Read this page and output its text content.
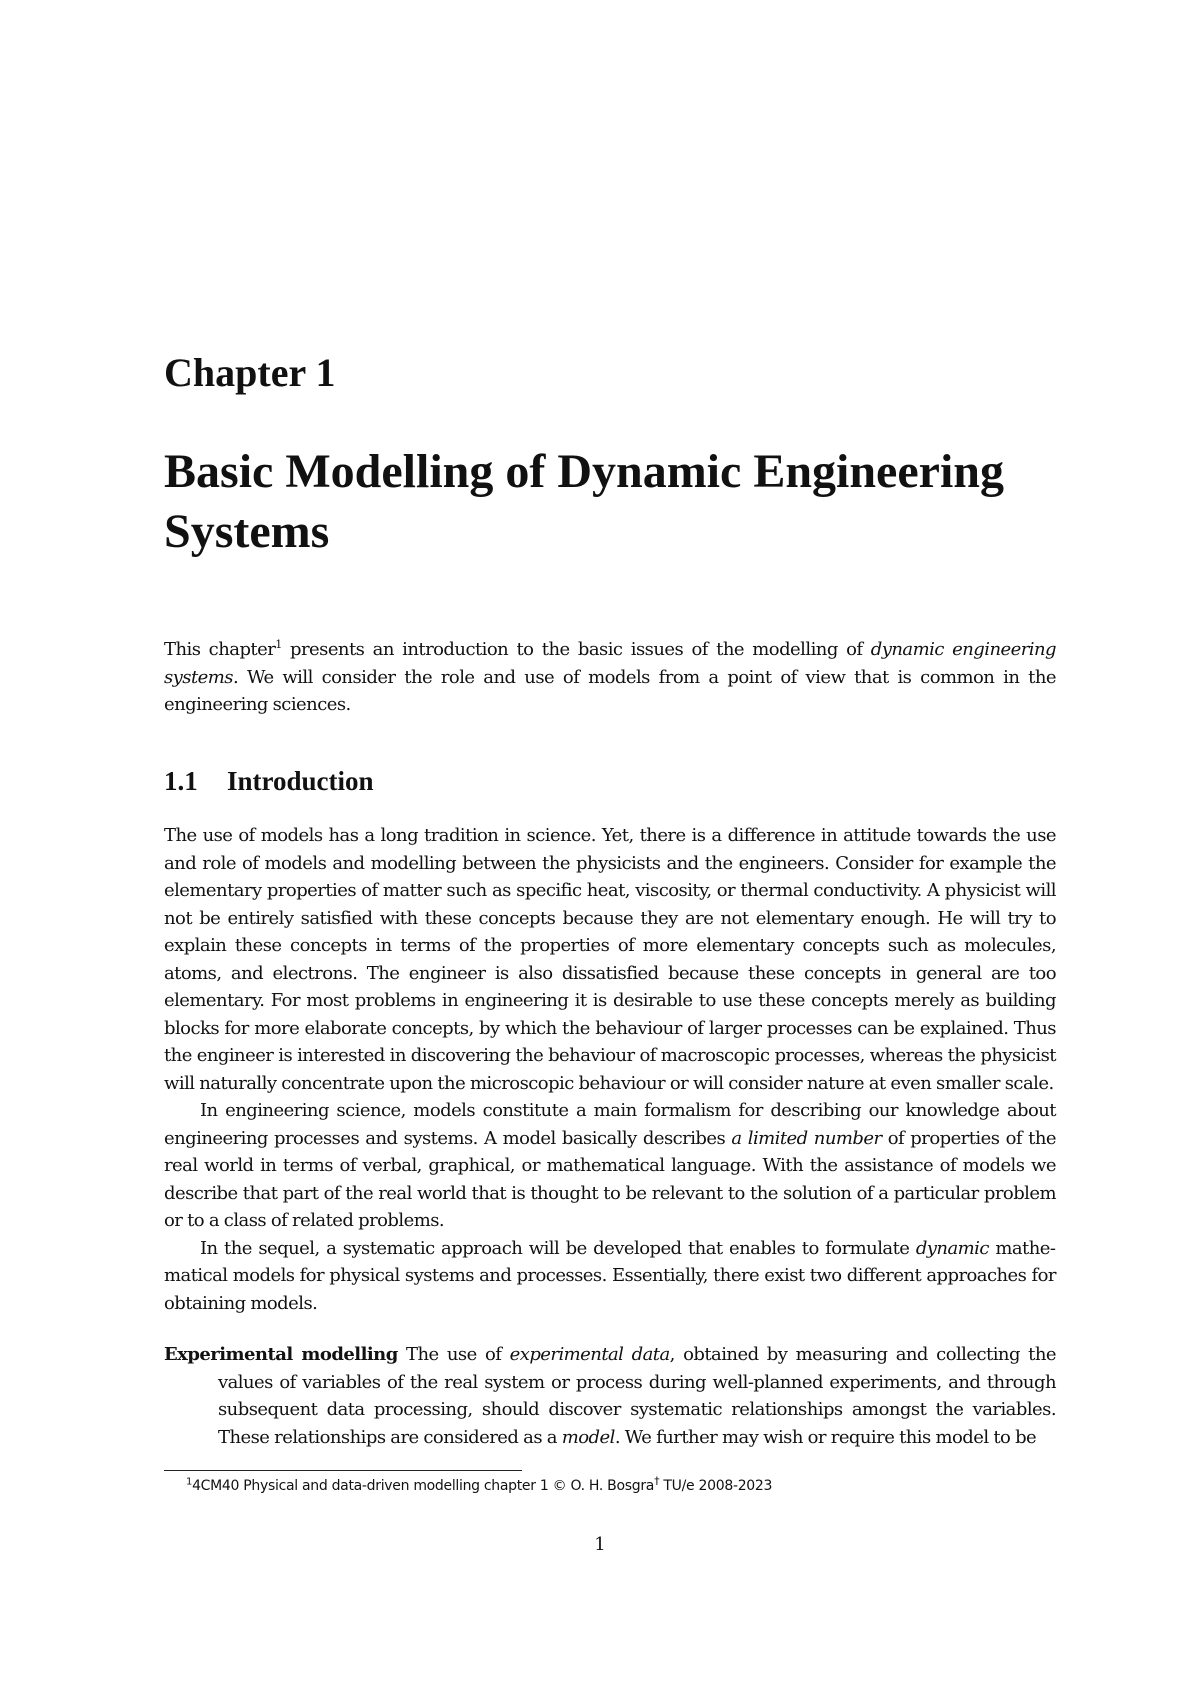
Chapter 1
Basic Modelling of Dynamic Engineering Systems

This chapter$^1$ presents an introduction to the basic issues of the modelling of dynamic engineering systems. We will consider the role and use of models from a point of view that is common in the engineering sciences.

1.1 Introduction

The use of models has a long tradition in science. Yet, there is a difference in attitude towards the use and role of models and modelling between the physicists and the engineers. Consider for example the elementary properties of matter such as specific heat, viscosity, or thermal conductivity. A physicist will not be entirely satisfied with these concepts because they are not elementary enough. He will try to explain these concepts in terms of the properties of more elementary concepts such as molecules, atoms, and electrons. The engineer is also dissatisfied because these concepts in general are too elementary. For most problems in engineering it is desirable to use these concepts merely as building blocks for more elaborate concepts, by which the behaviour of larger processes can be explained. Thus the engineer is interested in discovering the behaviour of macroscopic processes, whereas the physicist will naturally concentrate upon the microscopic behaviour or will consider nature at even smaller scale.

In engineering science, models constitute a main formalism for describing our knowledge about engineering processes and systems. A model basically describes a limited number of properties of the real world in terms of verbal, graphical, or mathematical language. With the assistance of models we describe that part of the real world that is thought to be relevant to the solution of a particular problem or to a class of related problems.

In the sequel, a systematic approach will be developed that enables to formulate dynamic mathematical models for physical systems and processes. Essentially, there exist two different approaches for obtaining models.

Experimental modelling The use of experimental data, obtained by measuring and collecting the values of variables of the real system or process during well-planned experiments, and through subsequent data processing, should discover systematic relationships amongst the variables. These relationships are considered as a model. We further may wish or require this model to be

$^1$4CM40 Physical and data-driven modelling chapter 1 © O. H. Bosgra† TU/e 2008-2023

1
